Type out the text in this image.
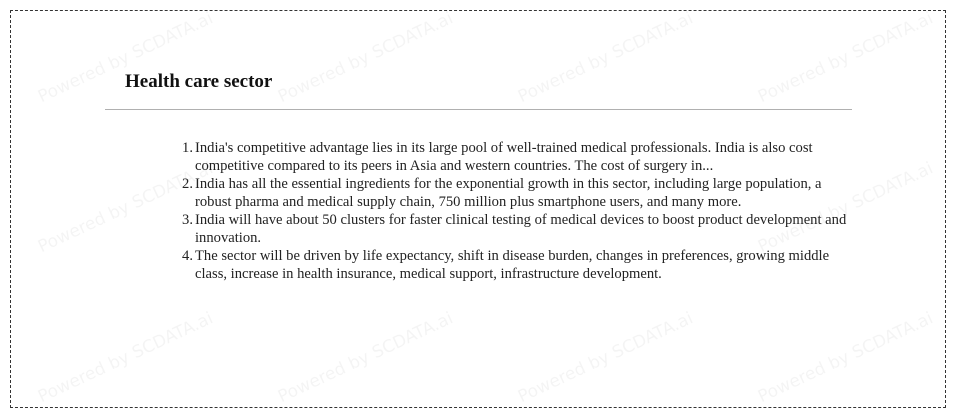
Health care sector
1. India's competitive advantage lies in its large pool of well-trained medical professionals. India is also cost competitive compared to its peers in Asia and western countries. The cost of surgery in...
2. India has all the essential ingredients for the exponential growth in this sector, including large population, a robust pharma and medical supply chain, 750 million plus smartphone users, and many more.
3. India will have about 50 clusters for faster clinical testing of medical devices to boost product development and innovation.
4. The sector will be driven by life expectancy, shift in disease burden, changes in preferences, growing middle class, increase in health insurance, medical support, infrastructure development.
